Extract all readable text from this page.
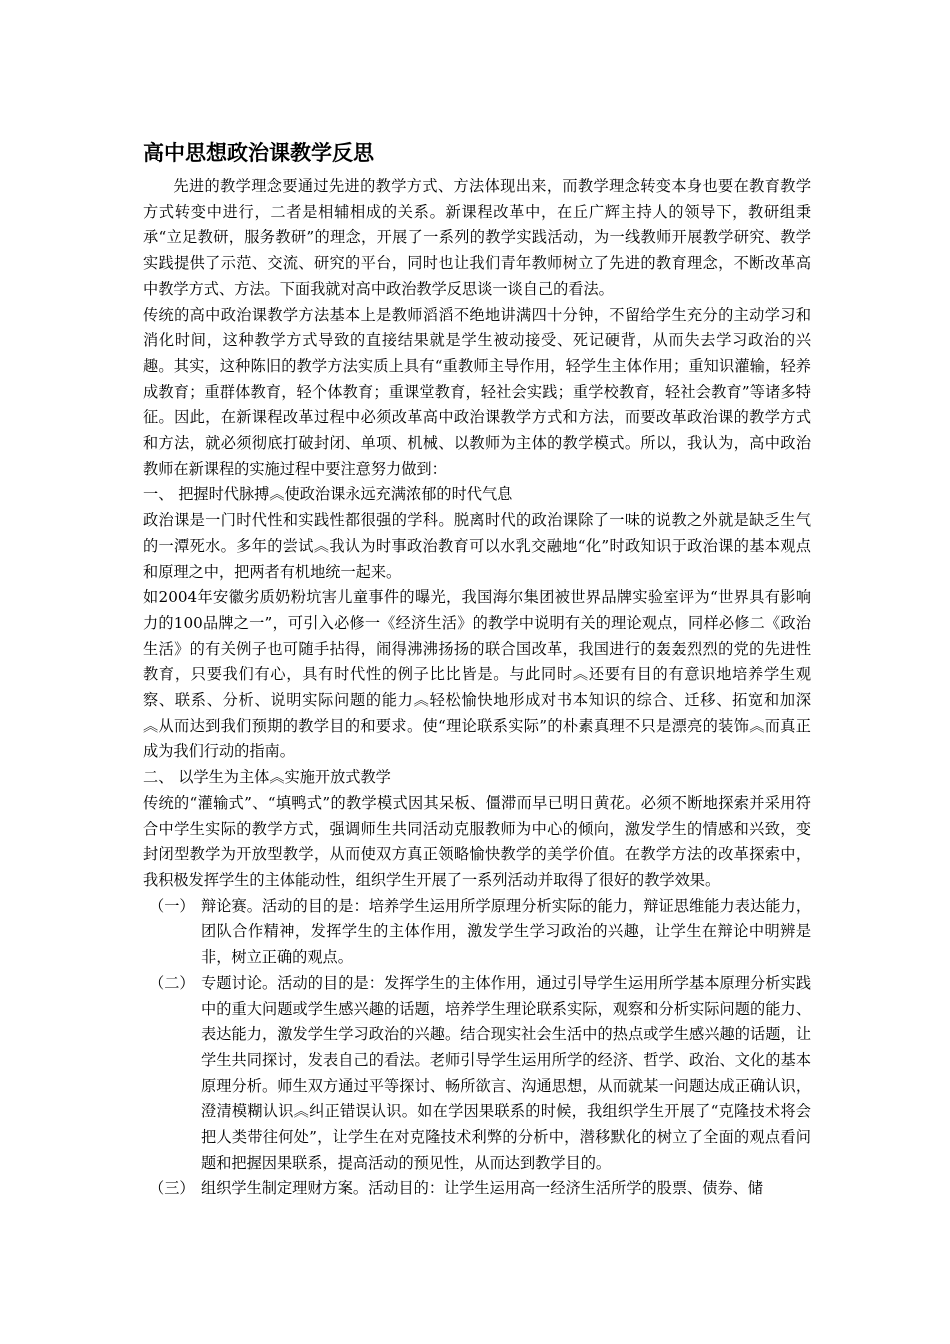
高中思想政治课教学反思

先进的教学理念要通过先进的教学方式、方法体现出来，而教学理念转变本身也要在教育教学方式转变中进行，二者是相辅相成的关系。新课程改革中，在丘广辉主持人的领导下，教研组秉承“立足教研，服务教研”的理念，开展了一系列的教学实践活动，为一线教师开展教学研究、教学实践提供了示范、交流、研究的平台，同时也让我们青年教师树立了先进的教育理念，不断改革高中教学方式、方法。下面我就对高中政治教学反思谈一谈自己的看法。

传统的高中政治课教学方法基本上是教师滔滔不绝地讲满四十分钟，不留给学生充分的主动学习和消化时间，这种教学方式导致的直接结果就是学生被动接受、死记硬背，从而失去学习政治的兴趣。其实，这种陈旧的教学方法实质上具有“重教师主导作用，轻学生主体作用；重知识灌输，轻养成教育；重群体教育，轻个体教育；重课堂教育，轻社会实践；重学校教育，轻社会教育”等诸多特征。因此，在新课程改革过程中必须改革高中政治课教学方式和方法，而要改革政治课的教学方式和方法，就必须彻底打破封闭、单项、机械、以教师为主体的教学模式。所以，我认为，高中政治教师在新课程的实施过程中要注意努力做到：

一、 把握时代脉搏︽使政治课永远充满浓郁的时代气息

政治课是一门时代性和实践性都很强的学科。脱离时代的政治课除了一味的说教之外就是缺乏生气的一潭死水。多年的尝试︽我认为时事政治教育可以水乳交融地“化”时政知识于政治课的基本观点和原理之中，把两者有机地统一起来。

如2004年安徽劣质奶粉坑害儿童事件的曝光，我国海尔集团被世界品牌实验室评为“世界具有影响力的100品牌之一”，可引入必修一《经济生活》的教学中说明有关的理论观点，同样必修二《政治生活》的有关例子也可随手拈得，闹得沸沸扬扬的联合国改革，我国进行的轰轰烈烈的党的先进性教育，只要我们有心，具有时代性的例子比比皆是。与此同时︽还要有目的有意识地培养学生观察、联系、分析、说明实际问题的能力︽轻松愉快地形成对书本知识的综合、迁移、拓宽和加深︽从而达到我们预期的教学目的和要求。使“理论联系实际”的朴素真理不只是漂亮的装饰︽而真正成为我们行动的指南。

二、 以学生为主体︽实施开放式教学

传统的“灌输式”、“填鸭式”的教学模式因其呆板、僵滞而早已明日黄花。必须不断地探索并采用符合中学生实际的教学方式，强调师生共同活动克服教师为中心的倾向，激发学生的情感和兴致，变封闭型教学为开放型教学，从而使双方真正领略愉快教学的美学价值。在教学方法的改革探索中，我积极发挥学生的主体能动性，组织学生开展了一系列活动并取得了很好的教学效果。

（一） 辩论赛。活动的目的是：培养学生运用所学原理分析实际的能力，辩证思维能力表达能力，团队合作精神，发挥学生的主体作用，激发学生学习政治的兴趣，让学生在辩论中明辨是非，树立正确的观点。

（二） 专题讨论。活动的目的是：发挥学生的主体作用，通过引导学生运用所学基本原理分析实践中的重大问题或学生感兴趣的话题，培养学生理论联系实际，观察和分析实际问题的能力、表达能力，激发学生学习政治的兴趣。结合现实社会生活中的热点或学生感兴趣的话题，让学生共同探讨，发表自己的看法。老师引导学生运用所学的经济、哲学、政治、文化的基本原理分析。师生双方通过平等探讨、畅所欲言、沟通思想，从而就某一问题达成正确认识，澄清模糊认识︽纠正错误认识。如在学因果联系的时候，我组织学生开展了“克隆技术将会把人类带往何处”，让学生在对克隆技术利弊的分析中，潜移默化的树立了全面的观点看问题和把握因果联系，提高活动的预见性，从而达到教学目的。

（三） 组织学生制定理财方案。活动目的：让学生运用高一经济生活所学的股票、债券、储
